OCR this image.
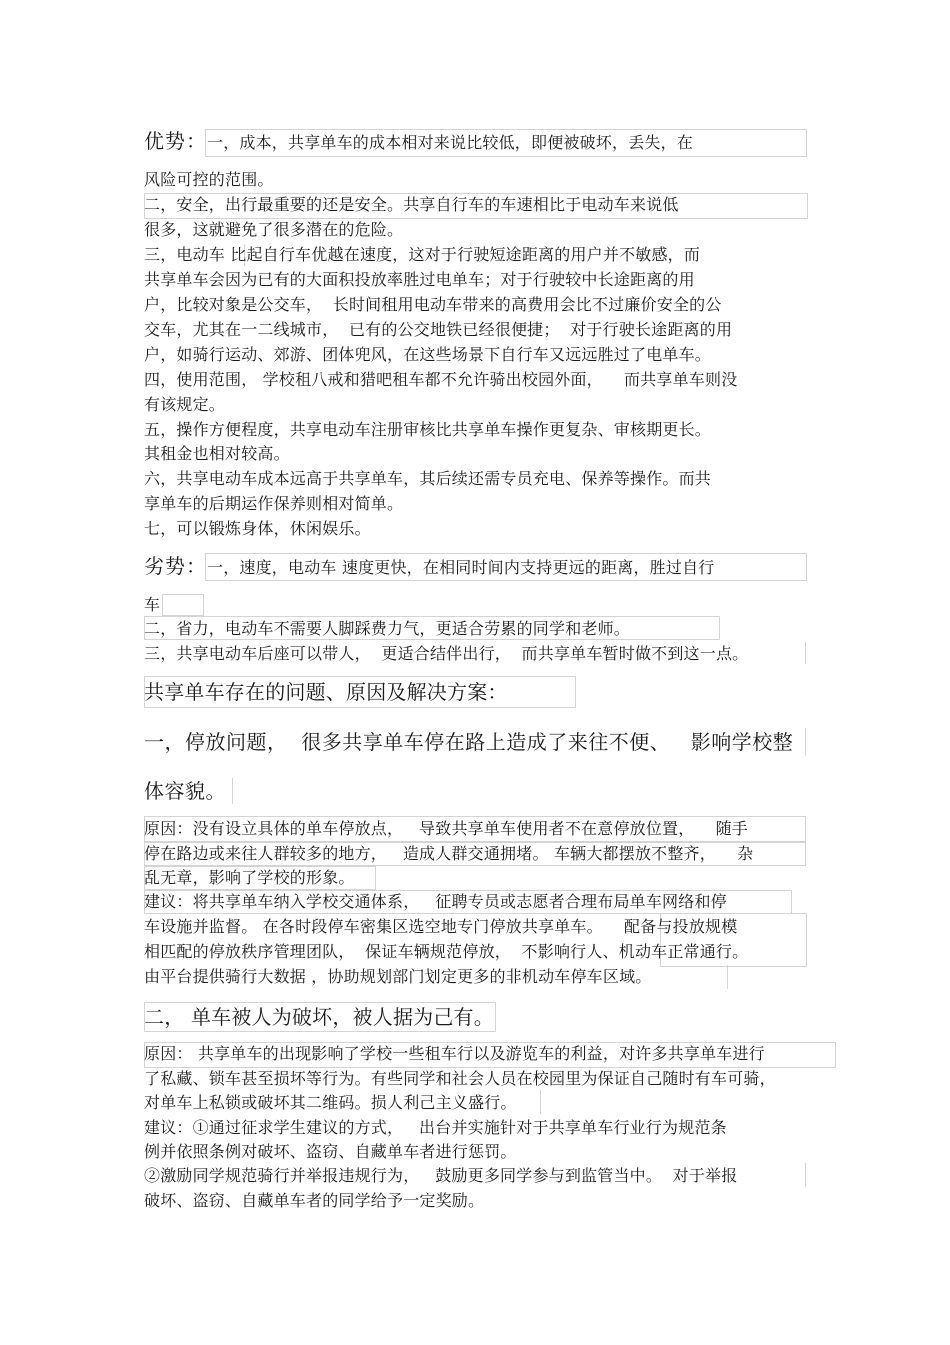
优势：一，成本，共享单车的成本相对来说比较低，即便被破坏，丢失，在
风险可控的范围。
二，安全，出行最重要的还是安全。共享自行车的车速相比于电动车来说低
很多，这就避免了很多潜在的危险。
三，电动车 比起自行车优越在速度，这对于行驶短途距离的用户并不敏感，而
共享单车会因为已有的大面积投放率胜过电单车；对于行驶较中长途距离的用
户，比较对象是公交车，  长时间租用电动车带来的高费用会比不过廉价安全的公
交车，尤其在一二线城市，  已有的公交地铁已经很便捷；  对于行驶长途距离的用
户，如骑行运动、郊游、团体兜风，在这些场景下自行车又远远胜过了电单车。
四，使用范围， 学校租八戒和猎吧租车都不允许骑出校园外面，    而共享单车则没
有该规定。
五，操作方便程度，共享电动车注册审核比共享单车操作更复杂、审核期更长。
其租金也相对较高。
六，共享电动车成本远高于共享单车，其后续还需专员充电、保养等操作。而共
享单车的后期运作保养则相对简单。
七，可以锻炼身体，休闲娱乐。
劣势：一，速度，电动车 速度更快，在相同时间内支持更远的距离，胜过自行
车
二，省力，电动车不需要人脚踩费力气，更适合劳累的同学和老师。
三，共享电动车后座可以带人，  更适合结伴出行，  而共享单车暂时做不到这一点。
共享单车存在的问题、原因及解决方案：
一，停放问题，  很多共享单车停在路上造成了来往不便、   影响学校整
体容貌。
原因：没有设立具体的单车停放点，   导致共享单车使用者不在意停放位置，    随手
停在路边或来往人群较多的地方，   造成人群交通拥堵。 车辆大都摆放不整齐，    杂
乱无章，影响了学校的形象。
建议：将共享单车纳入学校交通体系，   征聘专员或志愿者合理布局单车网络和停
车设施并监督。 在各时段停车密集区选空地专门停放共享单车。    配备与投放规模
相匹配的停放秩序管理团队，  保证车辆规范停放，  不影响行人、机动车正常通行。
由平台提供骑行大数据 ，协助规划部门划定更多的非机动车停车区域。
二， 单车被人为破坏，被人据为己有。
原因： 共享单车的出现影响了学校一些租车行以及游览车的利益，对许多共享单车进行
了私藏、锁车甚至损坏等行为。有些同学和社会人员在校园里为保证自己随时有车可骑，
对单车上私锁或破坏其二维码。损人利己主义盛行。
建议：①通过征求学生建议的方式，   出台并实施针对于共享单车行业行为规范条
例并依照条例对破坏、盗窃、自藏单车者进行惩罚。
②激励同学规范骑行并举报违规行为，   鼓励更多同学参与到监管当中。  对于举报
破坏、盗窃、自藏单车者的同学给予一定奖励。
